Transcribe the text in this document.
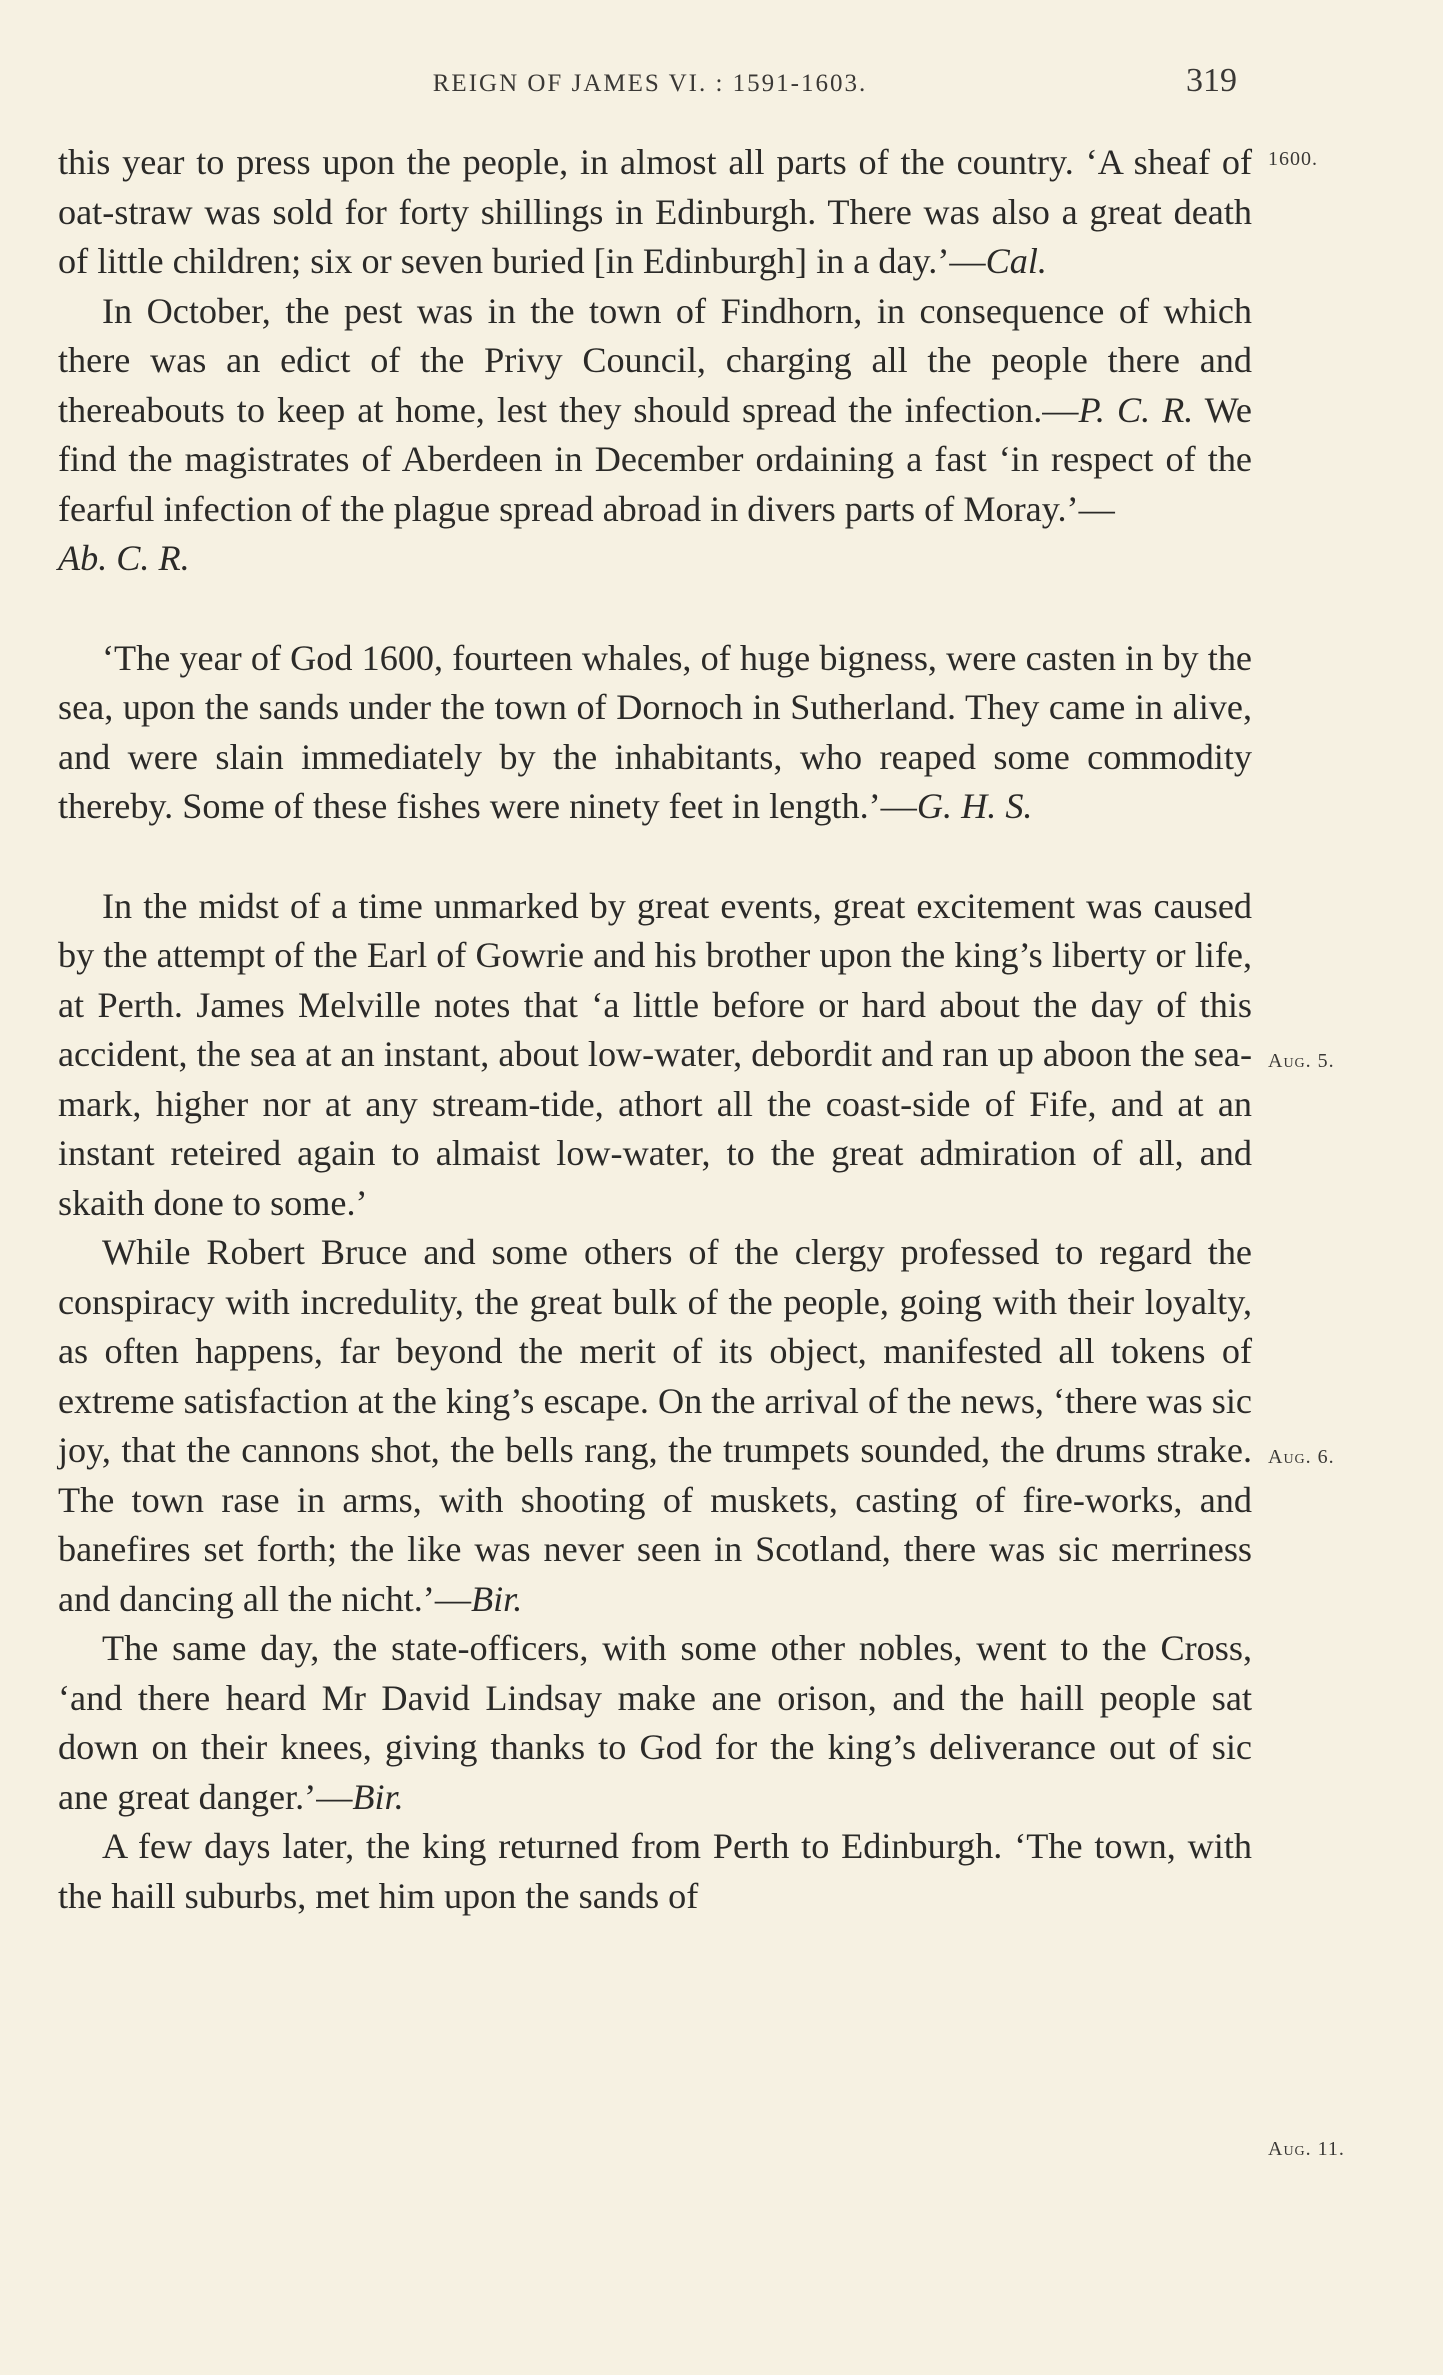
REIGN OF JAMES VI. : 1591-1603.	319
1600.
Aug. 5.
Aug. 6.
Aug. 11.

this year to press upon the people, in almost all parts of the country. ‘A sheaf of oat-straw was sold for forty shillings in Edinburgh. There was also a great death of little children; six or seven buried [in Edinburgh] in a day.’—Cal.

In October, the pest was in the town of Findhorn, in consequence of which there was an edict of the Privy Council, charging all the people there and thereabouts to keep at home, lest they should spread the infection.—P. C. R. We find the magistrates of Aberdeen in December ordaining a fast ‘in respect of the fearful infection of the plague spread abroad in divers parts of Moray.’—
Ab. C. R.

‘The year of God 1600, fourteen whales, of huge bigness, were casten in by the sea, upon the sands under the town of Dornoch in Sutherland. They came in alive, and were slain immediately by the inhabitants, who reaped some commodity thereby. Some of these fishes were ninety feet in length.’—G. H. S.

In the midst of a time unmarked by great events, great excitement was caused by the attempt of the Earl of Gowrie and his brother upon the king’s liberty or life, at Perth. James Melville notes that ‘a little before or hard about the day of this accident, the sea at an instant, about low-water, debordit and ran up aboon the sea-mark, higher nor at any stream-tide, athort all the coast-side of Fife, and at an instant reteired again to almaist low-water, to the great admiration of all, and skaith done to some.’

While Robert Bruce and some others of the clergy professed to regard the conspiracy with incredulity, the great bulk of the people, going with their loyalty, as often happens, far beyond the merit of its object, manifested all tokens of extreme satisfaction at the king’s escape. On the arrival of the news, ‘there was sic joy, that the cannons shot, the bells rang, the trumpets sounded, the drums strake. The town rase in arms, with shooting of muskets, casting of fire-works, and banefires set forth; the like was never seen in Scotland, there was sic merriness and dancing all the nicht.’—Bir.

The same day, the state-officers, with some other nobles, went to the Cross, ‘and there heard Mr David Lindsay make ane orison, and the haill people sat down on their knees, giving thanks to God for the king’s deliverance out of sic ane great danger.’—Bir.

A few days later, the king returned from Perth to Edinburgh. ‘The town, with the haill suburbs, met him upon the sands of
